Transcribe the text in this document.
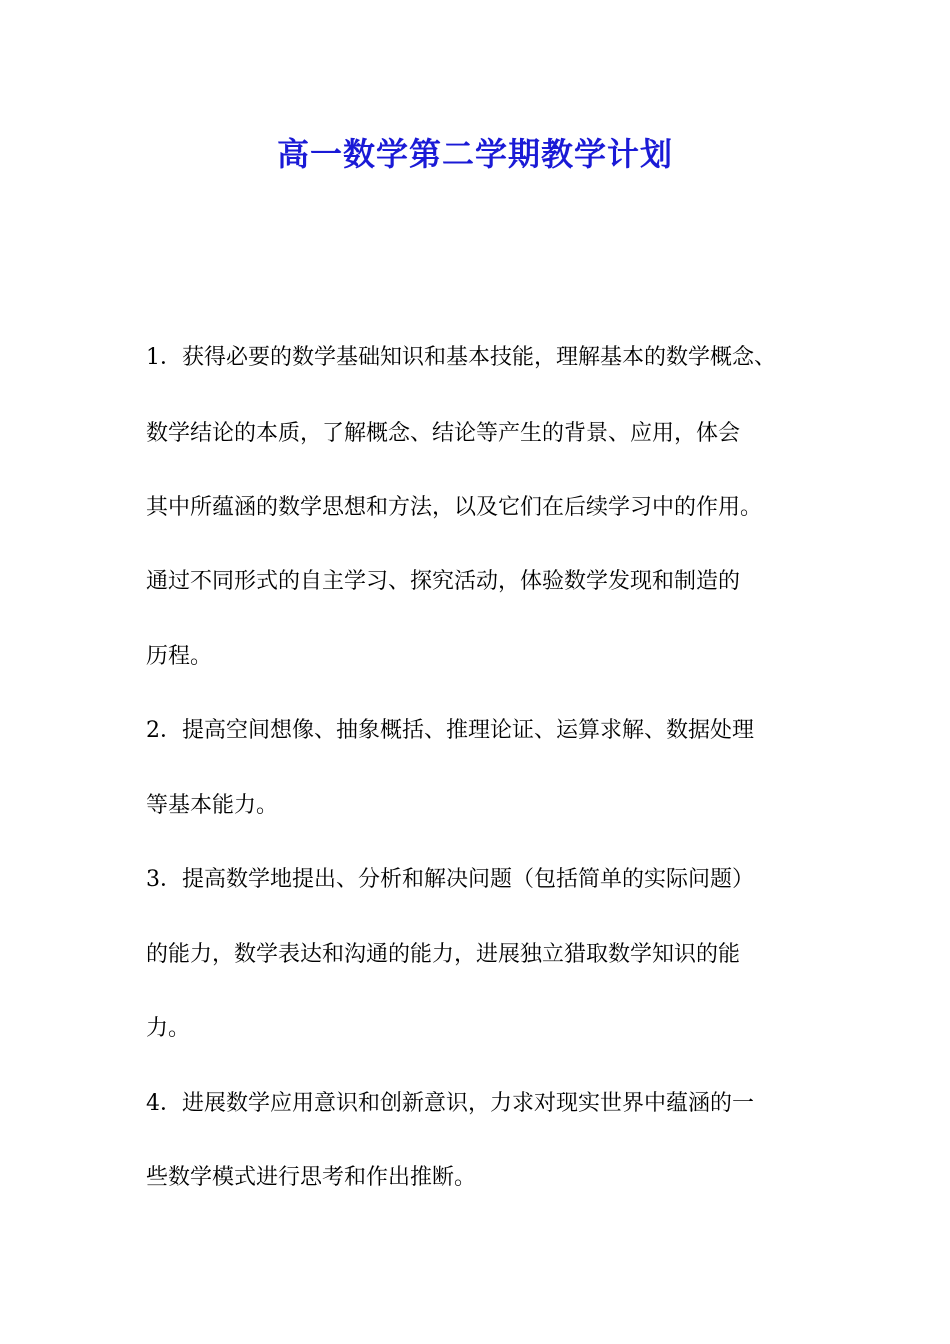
高一数学第二学期教学计划
1．获得必要的数学基础知识和基本技能，理解基本的数学概念、
数学结论的本质，了解概念、结论等产生的背景、应用，体会
其中所蕴涵的数学思想和方法，以及它们在后续学习中的作用。
通过不同形式的自主学习、探究活动，体验数学发现和制造的
历程。
2．提高空间想像、抽象概括、推理论证、运算求解、数据处理
等基本能力。
3．提高数学地提出、分析和解决问题（包括简单的实际问题）
的能力，数学表达和沟通的能力，进展独立猎取数学知识的能
力。
4．进展数学应用意识和创新意识，力求对现实世界中蕴涵的一
些数学模式进行思考和作出推断。
